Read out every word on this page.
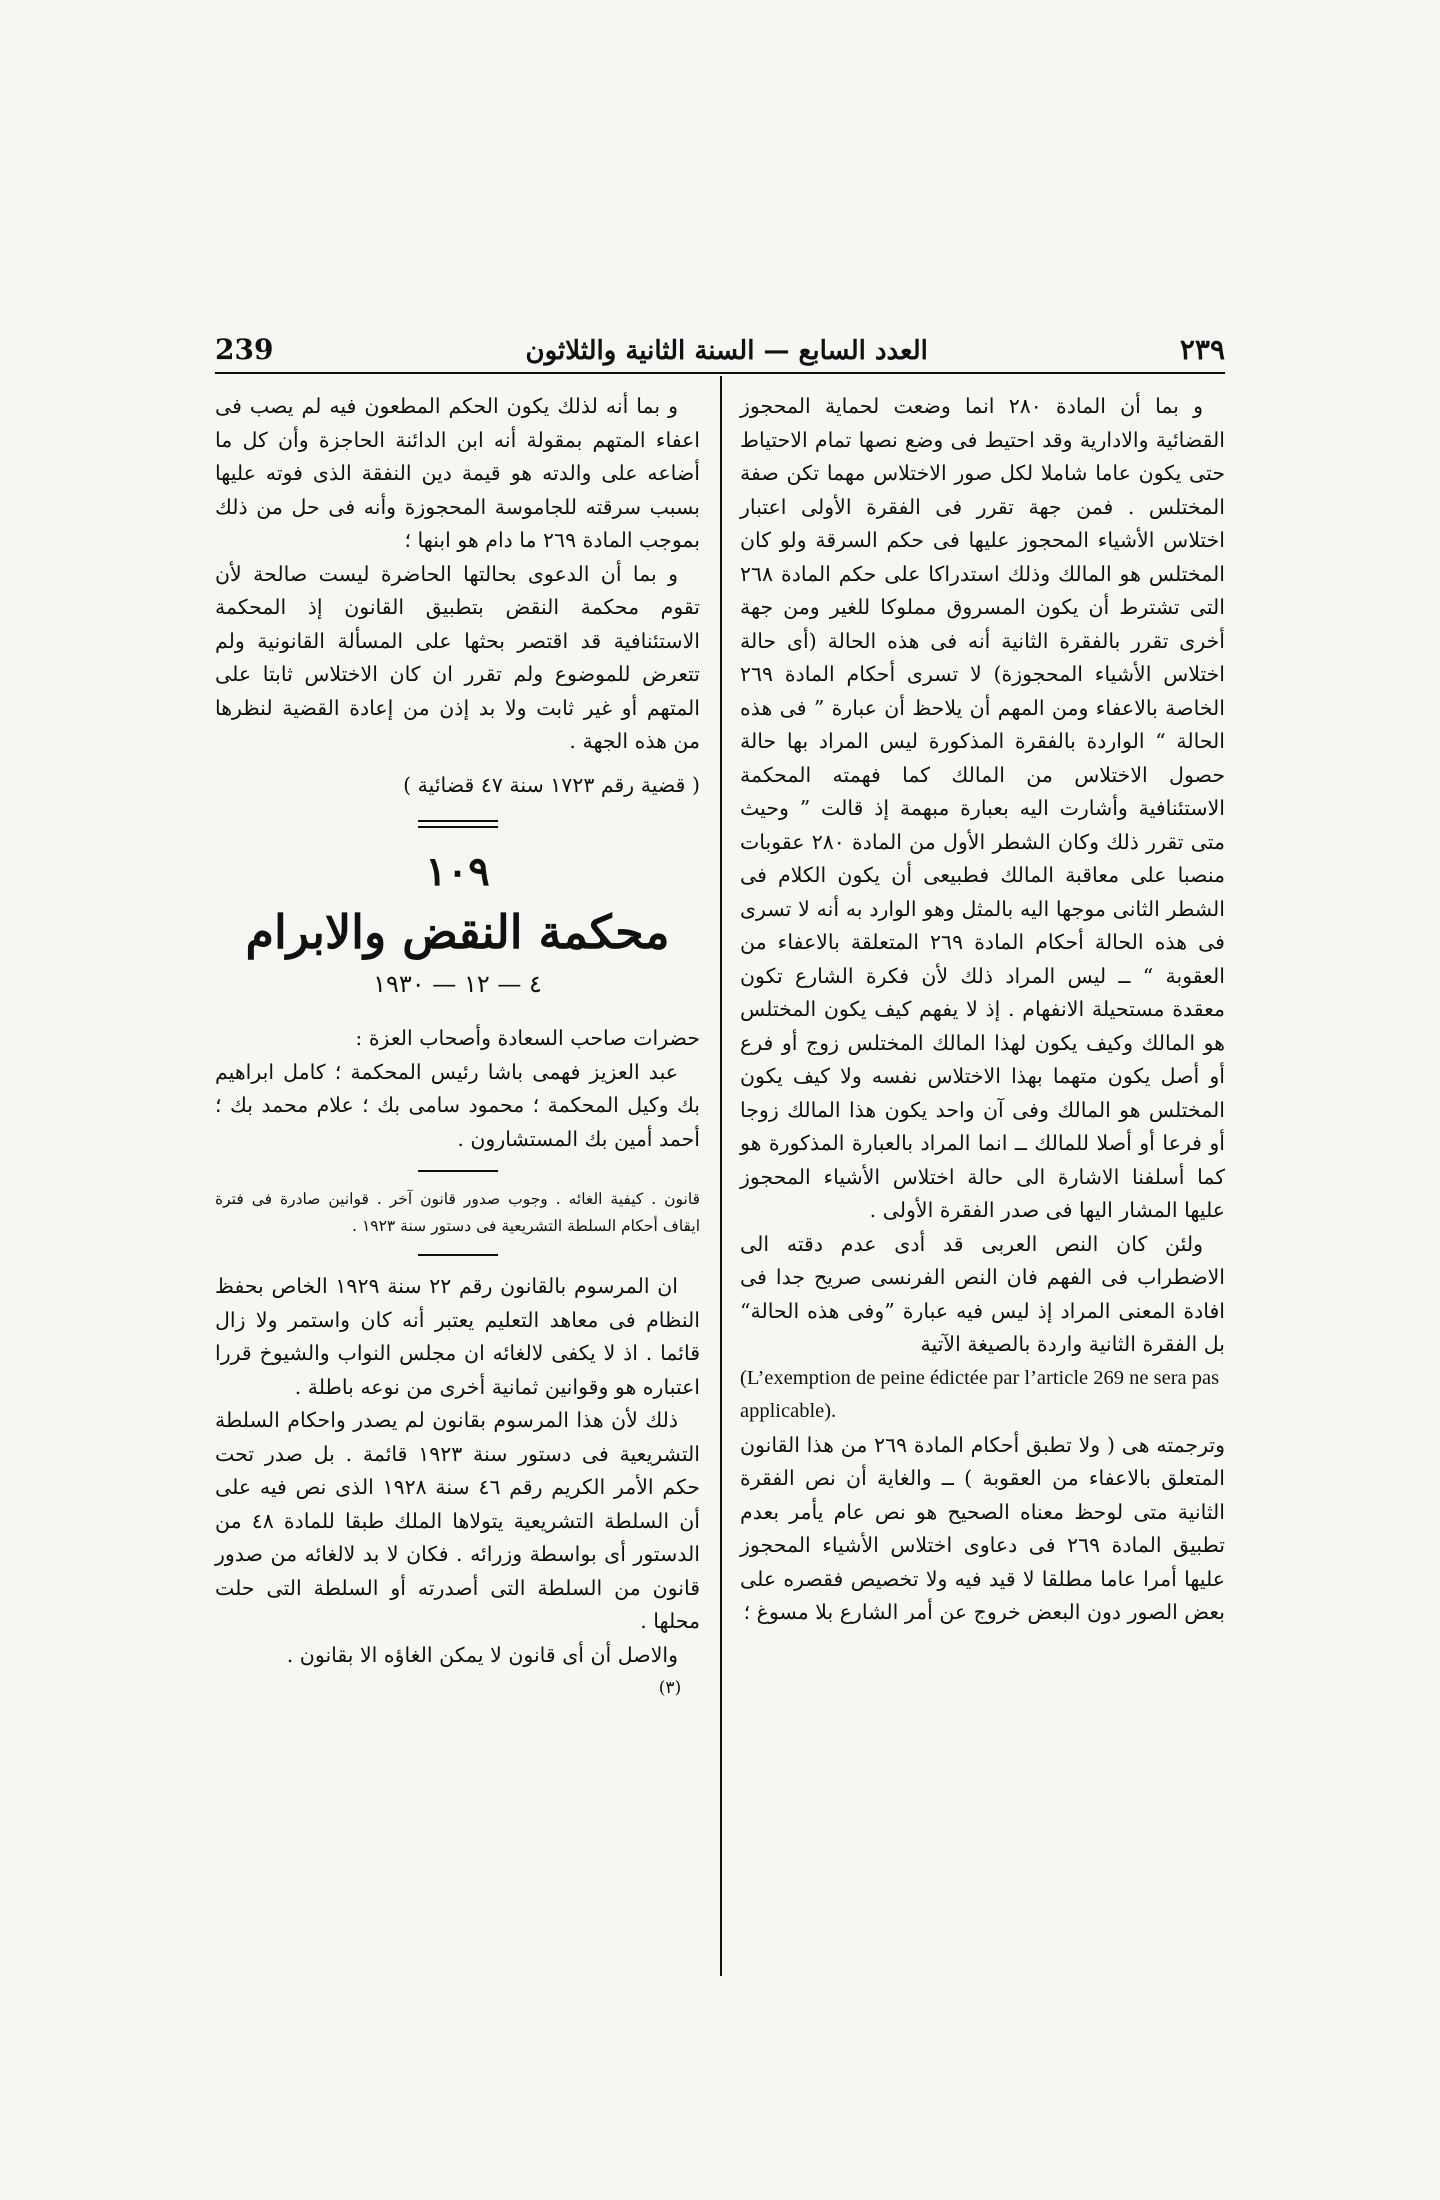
239	العدد السابع — السنة الثانية والثلاثون	٢٣٩

و بما أن المادة ٢٨٠ انما وضعت لحماية المحجوز القضائية والادارية وقد احتيط فى وضع نصها تمام الاحتياط حتى يكون عاما شاملا لكل صور الاختلاس مهما تكن صفة المختلس . فمن جهة تقرر فى الفقرة الأولى اعتبار اختلاس الأشياء المحجوز عليها فى حكم السرقة ولو كان المختلس هو المالك وذلك استدراكا على حكم المادة ٢٦٨ التى تشترط أن يكون المسروق مملوكا للغير ومن جهة أخرى تقرر بالفقرة الثانية أنه فى هذه الحالة (أى حالة اختلاس الأشياء المحجوزة) لا تسرى أحكام المادة ٢٦٩ الخاصة بالاعفاء ومن المهم أن يلاحظ أن عبارة ” فى هذه الحالة “ الواردة بالفقرة المذكورة ليس المراد بها حالة حصول الاختلاس من المالك كما فهمته المحكمة الاستئنافية وأشارت اليه بعبارة مبهمة إذ قالت ” وحيث متى تقرر ذلك وكان الشطر الأول من المادة ٢٨٠ عقوبات منصبا على معاقبة المالك فطبيعى أن يكون الكلام فى الشطر الثانى موجها اليه بالمثل وهو الوارد به أنه لا تسرى فى هذه الحالة أحكام المادة ٢٦٩ المتعلقة بالاعفاء من العقوبة “ ــ ليس المراد ذلك لأن فكرة الشارع تكون معقدة مستحيلة الانفهام . إذ لا يفهم كيف يكون المختلس هو المالك وكيف يكون لهذا المالك المختلس زوج أو فرع أو أصل يكون متهما بهذا الاختلاس نفسه ولا كيف يكون المختلس هو المالك وفى آن واحد يكون هذا المالك زوجا أو فرعا أو أصلا للمالك ــ انما المراد بالعبارة المذكورة هو كما أسلفنا الاشارة الى حالة اختلاس الأشياء المحجوز عليها المشار اليها فى صدر الفقرة الأولى .

ولئن كان النص العربى قد أدى عدم دقته الى الاضطراب فى الفهم فان النص الفرنسى صريح جدا فى افادة المعنى المراد إذ ليس فيه عبارة ”وفى هذه الحالة“ بل الفقرة الثانية واردة بالصيغة الآتية

(L’exemption de peine édictée par l’article 269 ne sera pas applicable).

وترجمته هى ( ولا تطبق أحكام المادة ٢٦٩ من هذا القانون المتعلق بالاعفاء من العقوبة ) ــ والغاية أن نص الفقرة الثانية متى لوحظ معناه الصحيح هو نص عام يأمر بعدم تطبيق المادة ٢٦٩ فى دعاوى اختلاس الأشياء المحجوز عليها أمرا عاما مطلقا لا قيد فيه ولا تخصيص فقصره على بعض الصور دون البعض خروج عن أمر الشارع بلا مسوغ ؛

و بما أنه لذلك يكون الحكم المطعون فيه لم يصب فى اعفاء المتهم بمقولة أنه ابن الدائنة الحاجزة وأن كل ما أضاعه على والدته هو قيمة دين النفقة الذى فوته عليها بسبب سرقته للجاموسة المحجوزة وأنه فى حل من ذلك بموجب المادة ٢٦٩ ما دام هو ابنها ؛

و بما أن الدعوى بحالتها الحاضرة ليست صالحة لأن تقوم محكمة النقض بتطبيق القانون إذ المحكمة الاستئنافية قد اقتصر بحثها على المسألة القانونية ولم تتعرض للموضوع ولم تقرر ان كان الاختلاس ثابتا على المتهم أو غير ثابت ولا بد إذن من إعادة القضية لنظرها من هذه الجهة .

( قضية رقم ١٧٢٣ سنة ٤٧ قضائية )

١٠٩
محكمة النقض والابرام
٤ — ١٢ — ١٩٣٠

حضرات صاحب السعادة وأصحاب العزة :

عبد العزيز فهمى باشا رئيس المحكمة ؛ كامل ابراهيم بك وكيل المحكمة ؛ محمود سامى بك ؛ علام محمد بك ؛ أحمد أمين بك المستشارون .

قانون . كيفية الغائه . وجوب صدور قانون آخر . قوانين صادرة فى فترة ايقاف أحكام السلطة التشريعية فى دستور سنة ١٩٢٣ .

ان المرسوم بالقانون رقم ٢٢ سنة ١٩٢٩ الخاص بحفظ النظام فى معاهد التعليم يعتبر أنه كان واستمر ولا زال قائما . اذ لا يكفى لالغائه ان مجلس النواب والشيوخ قررا اعتباره هو وقوانين ثمانية أخرى من نوعه باطلة .

ذلك لأن هذا المرسوم بقانون لم يصدر واحكام السلطة التشريعية فى دستور سنة ١٩٢٣ قائمة . بل صدر تحت حكم الأمر الكريم رقم ٤٦ سنة ١٩٢٨ الذى نص فيه على أن السلطة التشريعية يتولاها الملك طبقا للمادة ٤٨ من الدستور أى بواسطة وزرائه . فكان لا بد لالغائه من صدور قانون من السلطة التى أصدرته أو السلطة التى حلت محلها .

والاصل أن أى قانون لا يمكن الغاؤه الا بقانون .

(٣)
